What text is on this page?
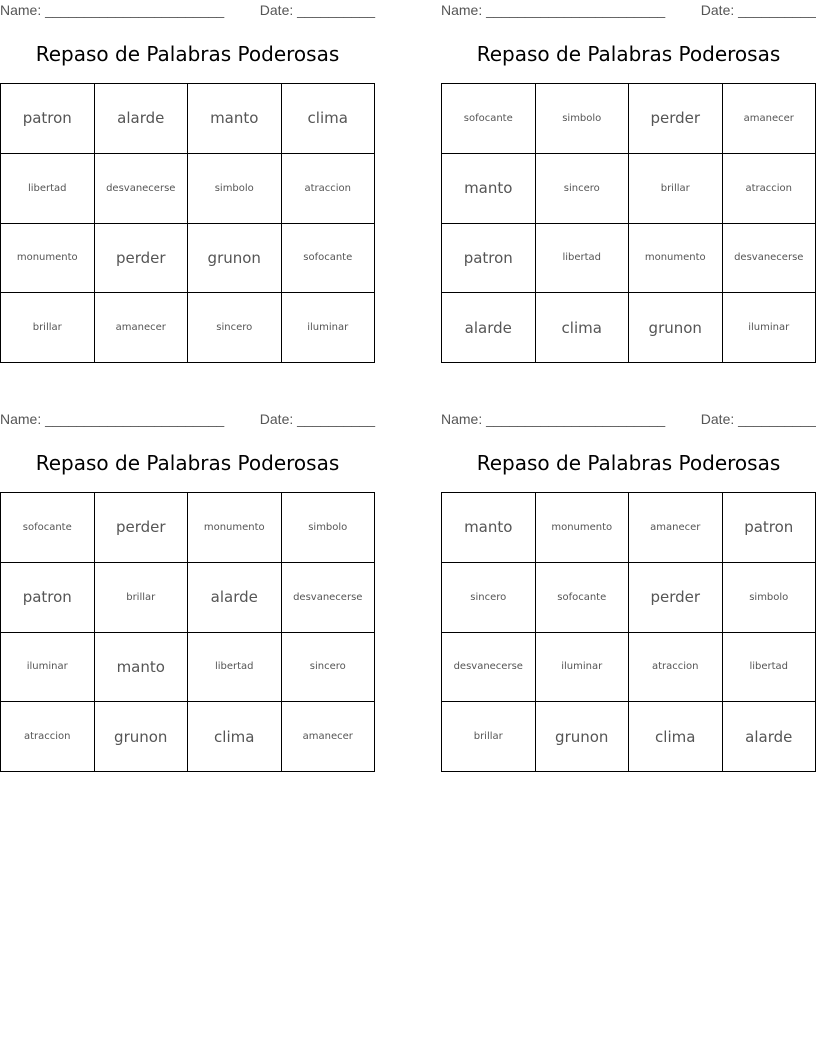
Name: _______________________	Date: __________
Repaso de Palabras Poderosas
patron	alarde	manto	clima
libertad	desvanecerse	simbolo	atraccion
monumento	perder	grunon	sofocante
brillar	amanecer	sincero	iluminar
Name: _______________________	Date: __________
Repaso de Palabras Poderosas
sofocante	simbolo	perder	amanecer
manto	sincero	brillar	atraccion
patron	libertad	monumento	desvanecerse
alarde	clima	grunon	iluminar
Name: _______________________	Date: __________
Repaso de Palabras Poderosas
sofocante	perder	monumento	simbolo
patron	brillar	alarde	desvanecerse
iluminar	manto	libertad	sincero
atraccion	grunon	clima	amanecer
Name: _______________________	Date: __________
Repaso de Palabras Poderosas
manto	monumento	amanecer	patron
sincero	sofocante	perder	simbolo
desvanecerse	iluminar	atraccion	libertad
brillar	grunon	clima	alarde
